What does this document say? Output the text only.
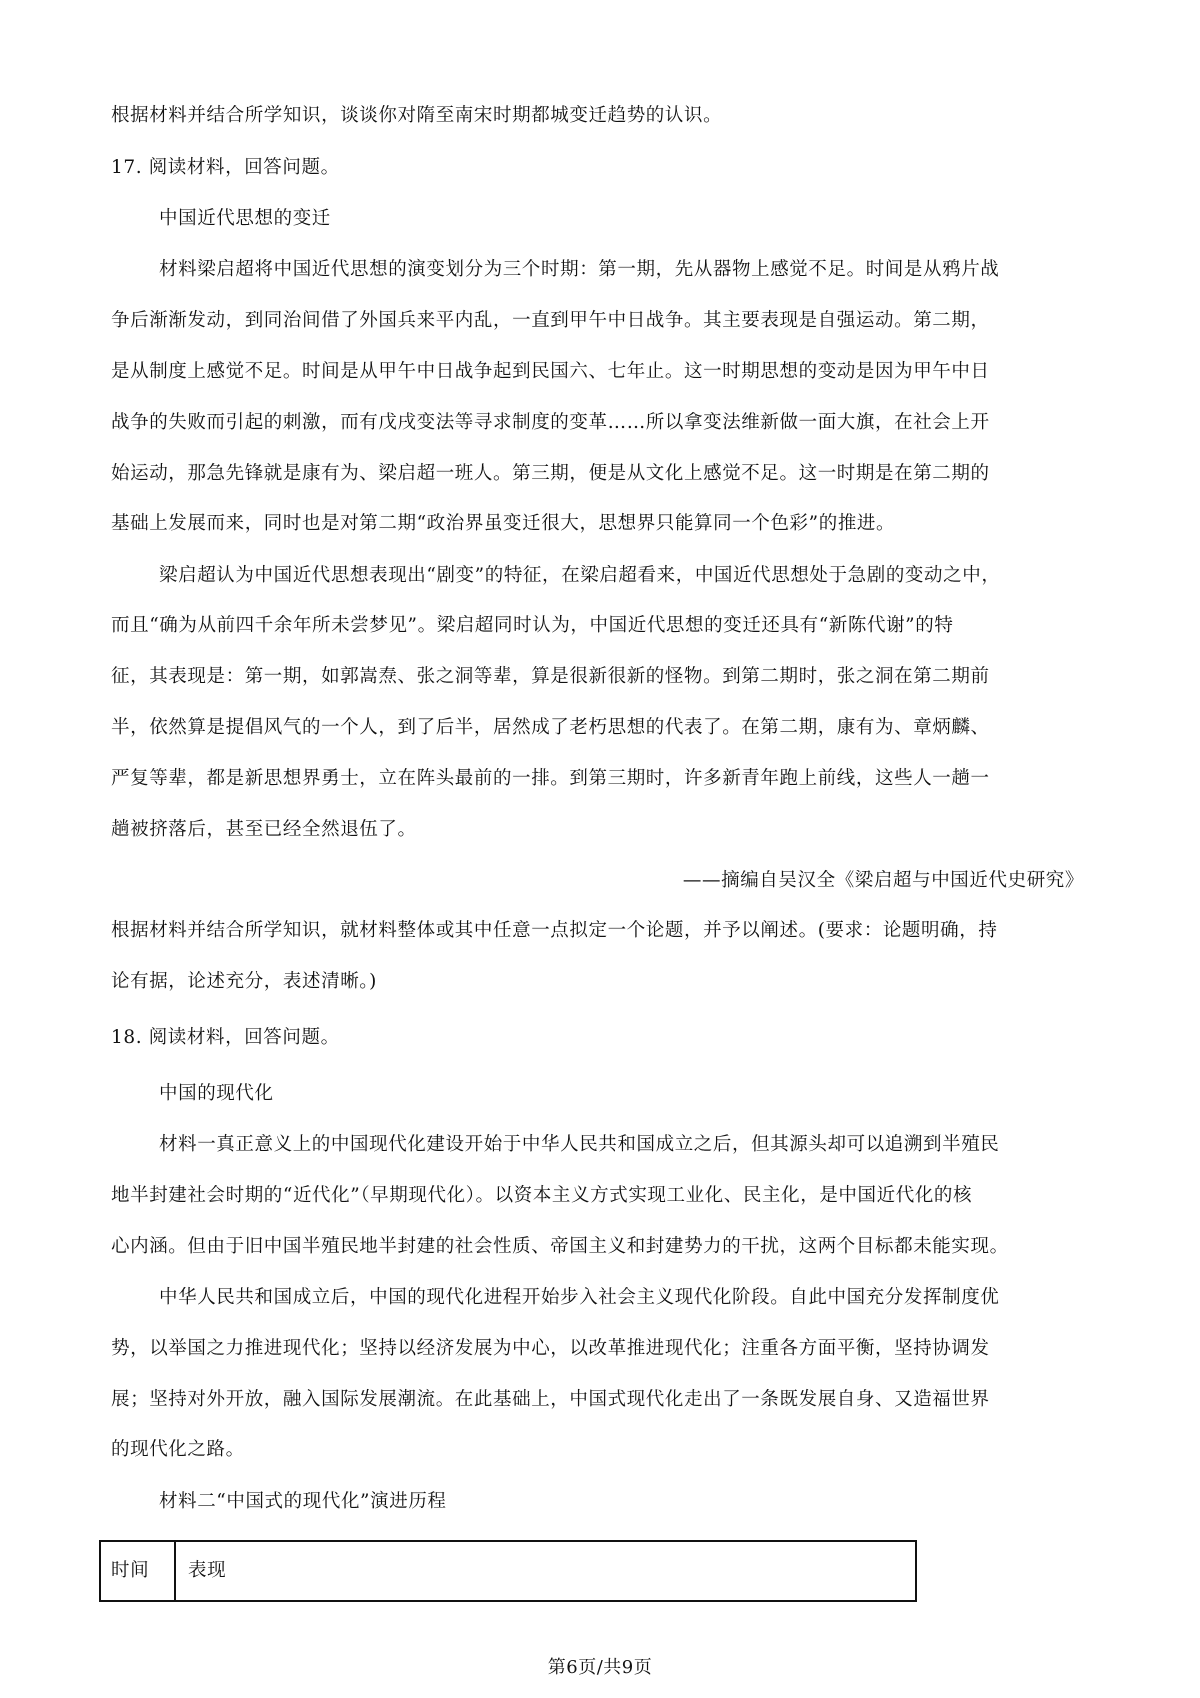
根据材料并结合所学知识，谈谈你对隋至南宋时期都城变迁趋势的认识。
17. 阅读材料，回答问题。
中国近代思想的变迁
材料梁启超将中国近代思想的演变划分为三个时期：第一期，先从器物上感觉不足。时间是从鸦片战
争后渐渐发动，到同治间借了外国兵来平内乱，一直到甲午中日战争。其主要表现是自强运动。第二期，
是从制度上感觉不足。时间是从甲午中日战争起到民国六、七年止。这一时期思想的变动是因为甲午中日
战争的失败而引起的刺激，而有戊戌变法等寻求制度的变革……所以拿变法维新做一面大旗，在社会上开
始运动，那急先锋就是康有为、梁启超一班人。第三期，便是从文化上感觉不足。这一时期是在第二期的
基础上发展而来，同时也是对第二期“政治界虽变迁很大，思想界只能算同一个色彩”的推进。
梁启超认为中国近代思想表现出“剧变”的特征，在梁启超看来，中国近代思想处于急剧的变动之中，
而且“确为从前四千余年所未尝梦见”。梁启超同时认为，中国近代思想的变迁还具有“新陈代谢”的特
征，其表现是：第一期，如郭嵩焘、张之洞等辈，算是很新很新的怪物。到第二期时，张之洞在第二期前
半，依然算是提倡风气的一个人，到了后半，居然成了老朽思想的代表了。在第二期，康有为、章炳麟、
严复等辈，都是新思想界勇士，立在阵头最前的一排。到第三期时，许多新青年跑上前线，这些人一趟一
趟被挤落后，甚至已经全然退伍了。
——摘编自吴汉全《梁启超与中国近代史研究》
根据材料并结合所学知识，就材料整体或其中任意一点拟定一个论题，并予以阐述。(要求：论题明确，持
论有据，论述充分，表述清晰。)
18. 阅读材料，回答问题。
中国的现代化
材料一真正意义上的中国现代化建设开始于中华人民共和国成立之后，但其源头却可以追溯到半殖民
地半封建社会时期的“近代化”（早期现代化）。以资本主义方式实现工业化、民主化，是中国近代化的核
心内涵。但由于旧中国半殖民地半封建的社会性质、帝国主义和封建势力的干扰，这两个目标都未能实现。
中华人民共和国成立后，中国的现代化进程开始步入社会主义现代化阶段。自此中国充分发挥制度优
势，以举国之力推进现代化；坚持以经济发展为中心，以改革推进现代化；注重各方面平衡，坚持协调发
展；坚持对外开放，融入国际发展潮流。在此基础上，中国式现代化走出了一条既发展自身、又造福世界
的现代化之路。
材料二“中国式的现代化”演进历程
时间 表现
第6页/共9页
